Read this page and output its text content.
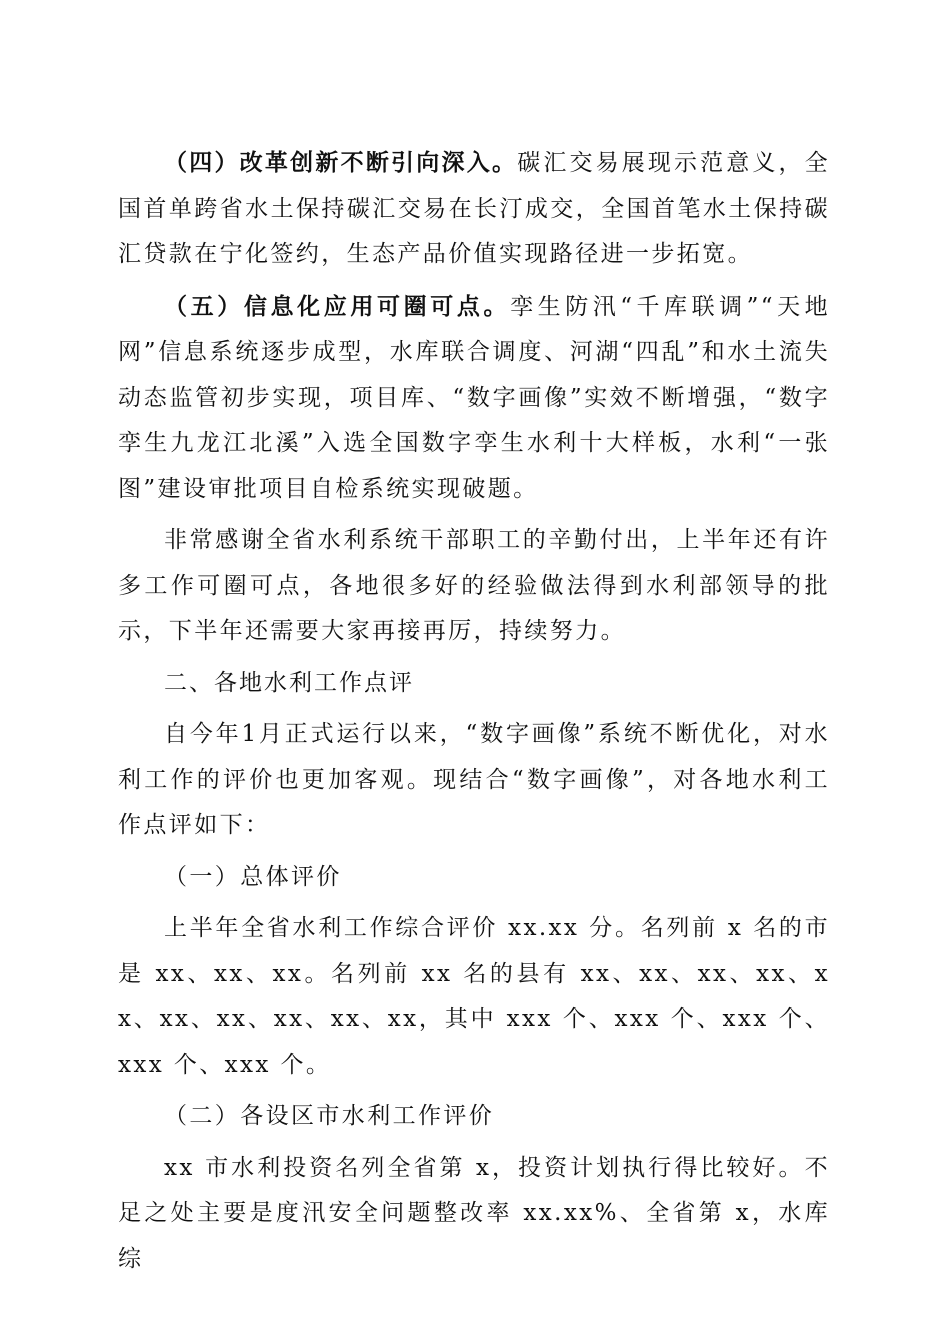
（四）改革创新不断引向深入。碳汇交易展现示范意义，全国首单跨省水土保持碳汇交易在长汀成交，全国首笔水土保持碳汇贷款在宁化签约，生态产品价值实现路径进一步拓宽。

（五）信息化应用可圈可点。孪生防汛“千库联调”“天地网”信息系统逐步成型，水库联合调度、河湖“四乱”和水土流失动态监管初步实现，项目库、“数字画像”实效不断增强，“数字孪生九龙江北溪”入选全国数字孪生水利十大样板，水利“一张图”建设审批项目自检系统实现破题。

非常感谢全省水利系统干部职工的辛勤付出，上半年还有许多工作可圈可点，各地很多好的经验做法得到水利部领导的批示，下半年还需要大家再接再厉，持续努力。

二、各地水利工作点评

自今年1月正式运行以来，“数字画像”系统不断优化，对水利工作的评价也更加客观。现结合“数字画像”，对各地水利工作点评如下：

（一）总体评价

上半年全省水利工作综合评价 xx.xx 分。名列前 x 名的市是 xx、xx、xx。名列前 xx 名的县有 xx、xx、xx、xx、xx、xx、xx、xx、xx、xx，其中 xxx 个、xxx 个、xxx 个、xxx 个、xxx 个。

（二）各设区市水利工作评价

xx 市水利投资名列全省第 x，投资计划执行得比较好。不足之处主要是度汛安全问题整改率 xx.xx%、全省第 x，水库综
